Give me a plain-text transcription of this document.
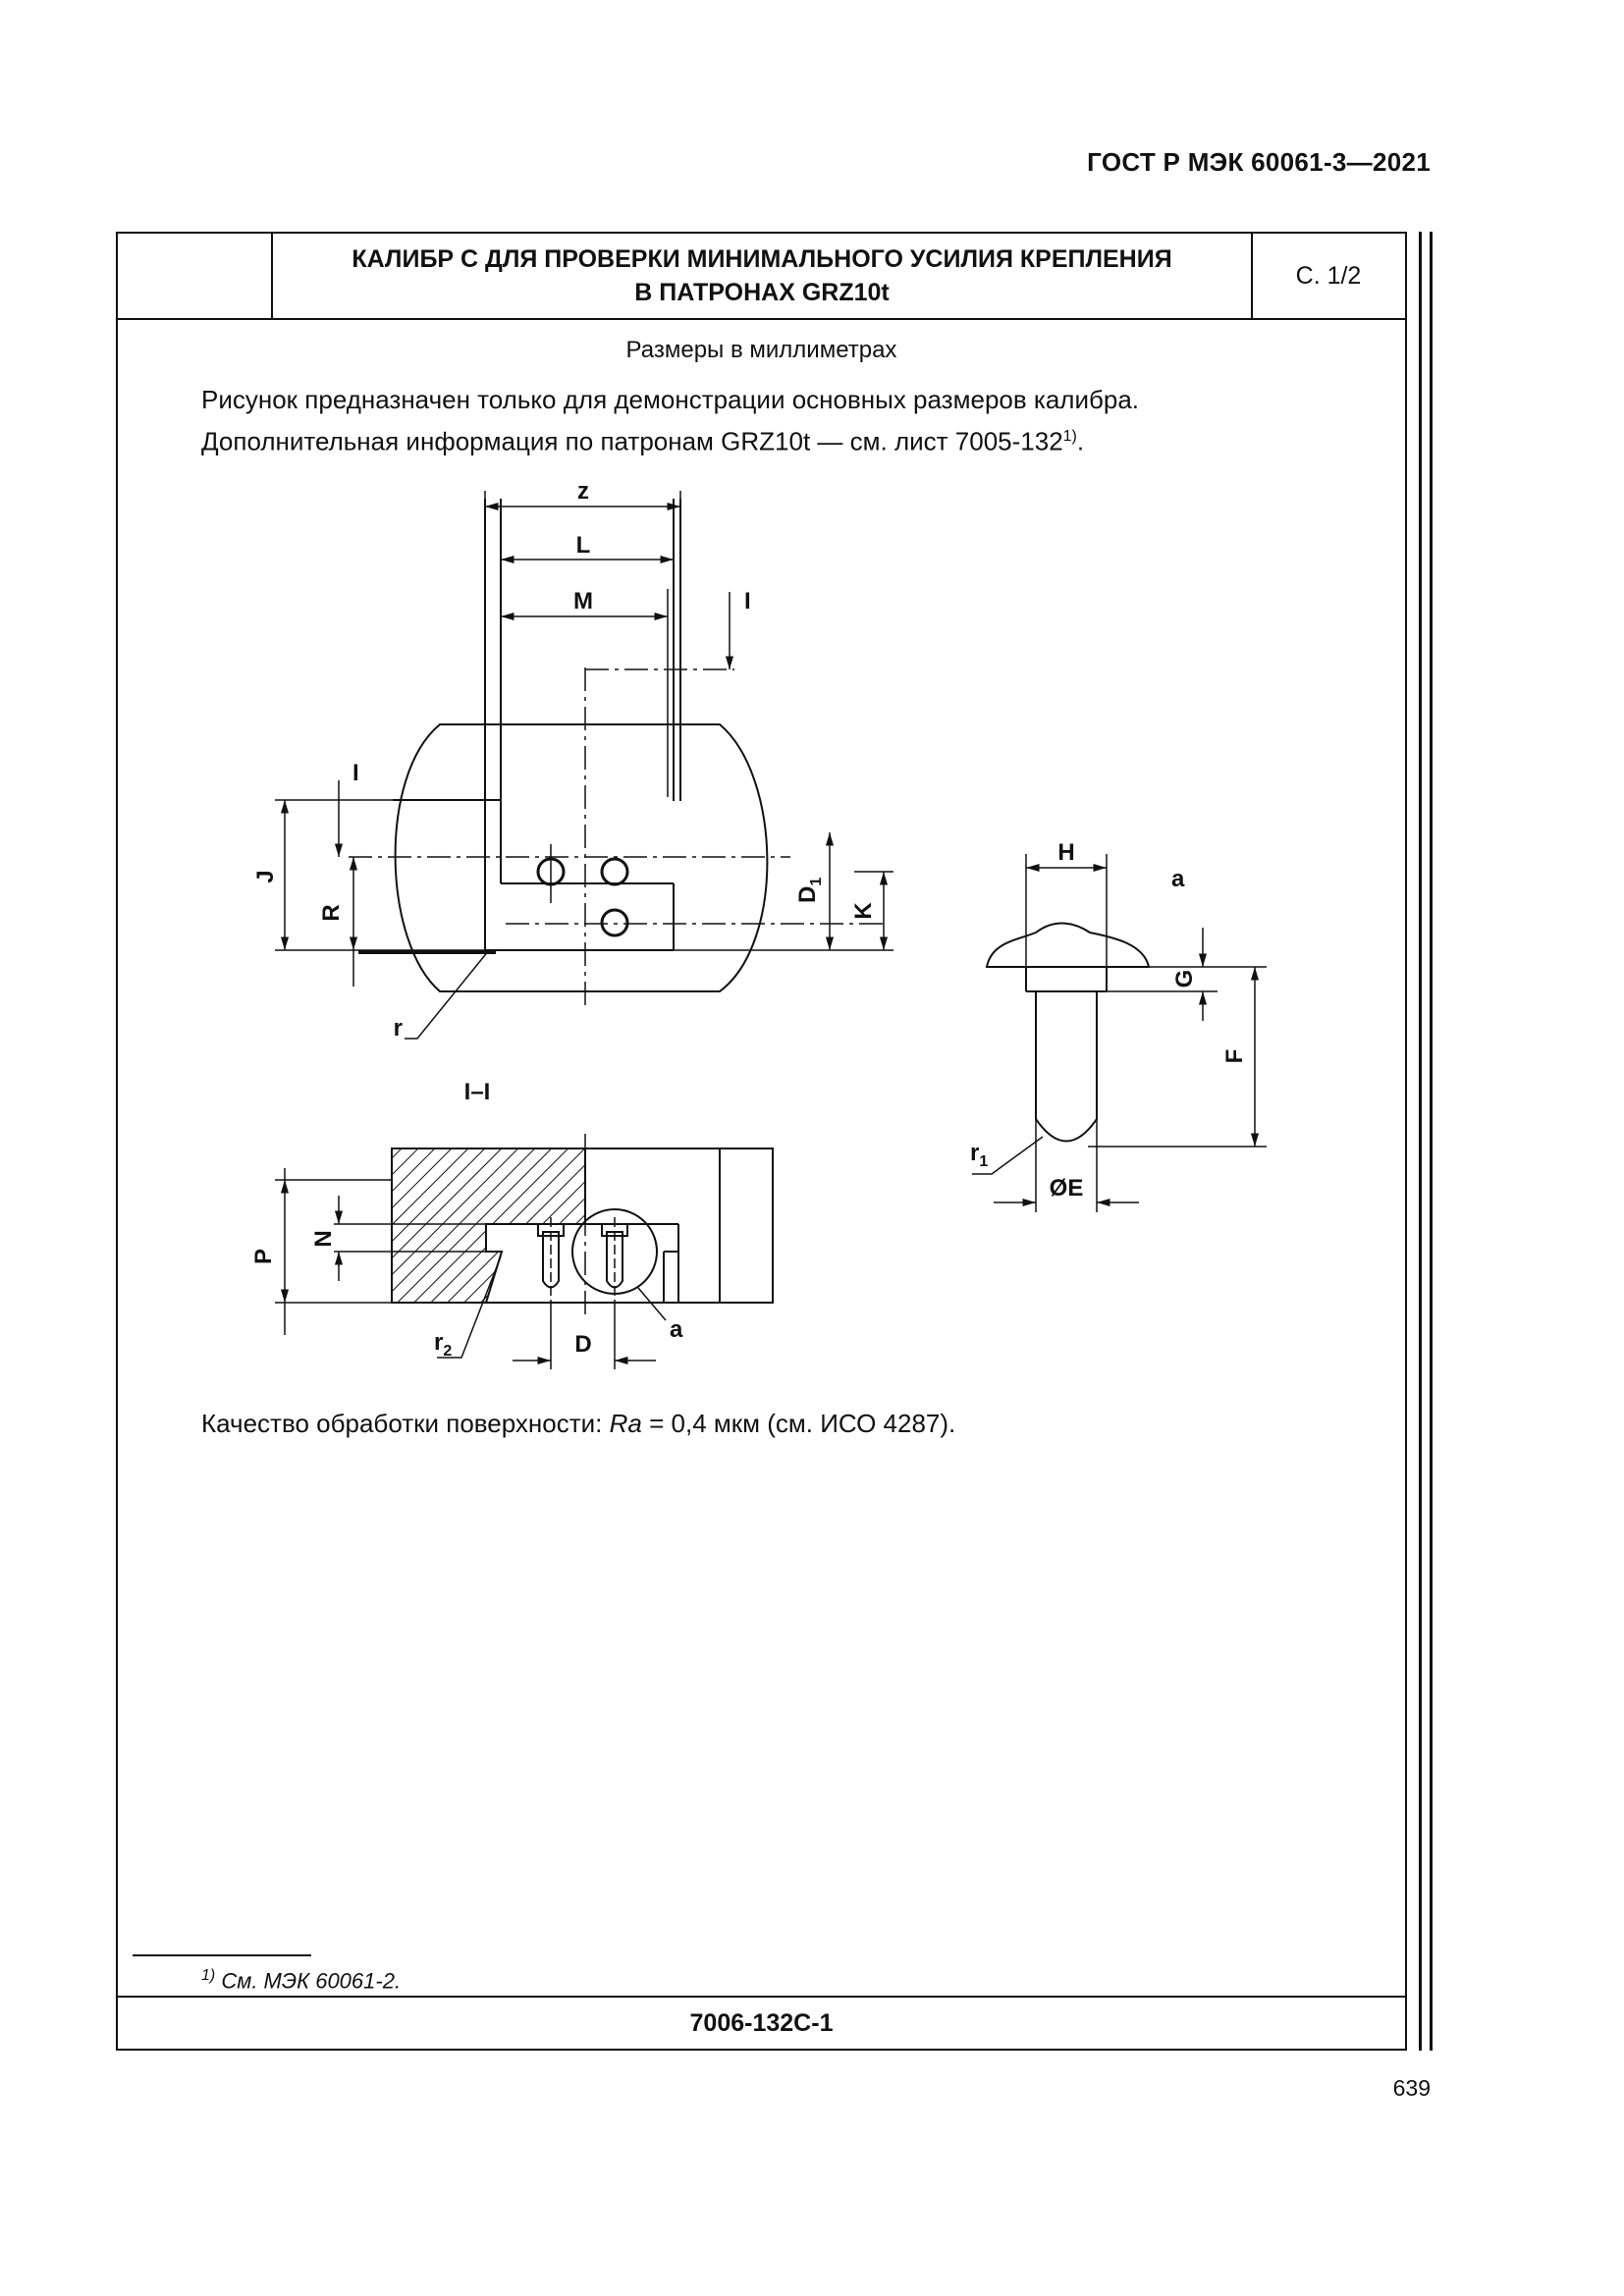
ГОСТ Р МЭК 60061-3—2021
КАЛИБР С ДЛЯ ПРОВЕРКИ МИНИМАЛЬНОГО УСИЛИЯ КРЕПЛЕНИЯ
В ПАТРОНАХ GRZ10t
С. 1/2
Размеры в миллиметрах
Рисунок предназначен только для демонстрации основных размеров калибра.
Дополнительная информация по патронам GRZ10t — см. лист 7005-132$^{1)}$.
Качество обработки поверхности: Ra = 0,4 мкм (см. ИСО 4287).
$^{1)}$ См. МЭК 60061-2.
7006-132C-1
z
L
M	I
I
J
R
$D_1$
K
r
I–I
P
N
$r_2$	D
a
H
a
G
F
$r_1$
ØE
639
